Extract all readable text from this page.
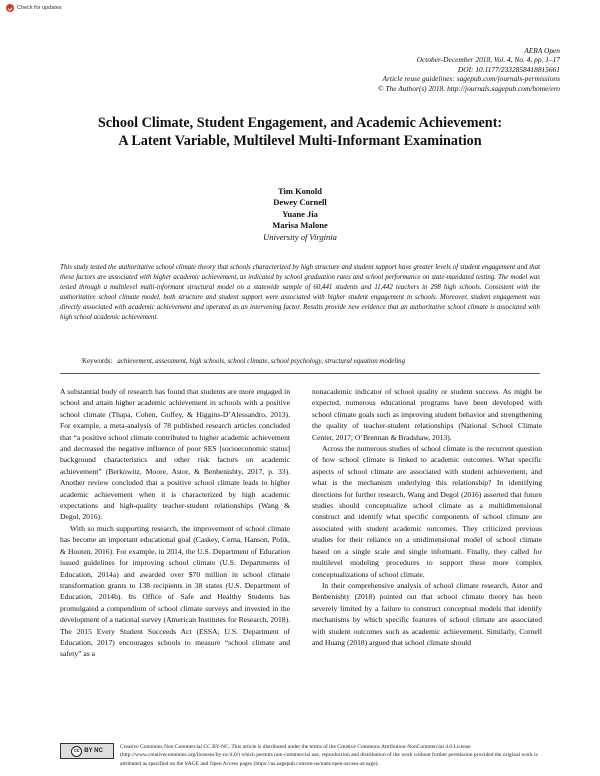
Check for updates
AERA Open
October-December 2018, Vol. 4, No. 4, pp. 1–17
DOI: 10.1177/2332858418815661
Article reuse guidelines: sagepub.com/journals-permissions
© The Author(s) 2018. http://journals.sagepub.com/home/ero
School Climate, Student Engagement, and Academic Achievement:
A Latent Variable, Multilevel Multi-Informant Examination
Tim Konold
Dewey Cornell
Yuane Jia
Marisa Malone
University of Virginia
This study tested the authoritative school climate theory that schools characterized by high structure and student support have greater levels of student engagement and that these factors are associated with higher academic achievement, as indicated by school graduation rates and school performance on state-mandated testing. The model was tested through a multilevel multi-informant structural model on a statewide sample of 60,441 students and 11,442 teachers in 298 high schools. Consistent with the authoritative school climate model, both structure and student support were associated with higher student engagement in schools. Moreover, student engagement was directly associated with academic achievement and operated as an intervening factor. Results provide new evidence that an authoritative school climate is associated with high school academic achievement.
Keywords: achievement, assessment, high schools, school climate, school psychology, structural equation modeling

A substantial body of research has found that students are more engaged in school and attain higher academic achievement in schools with a positive school climate (Thapa, Cohen, Guffey, & Higgins-D’Alessandro, 2013). For example, a meta-analysis of 78 published research articles concluded that “a positive school climate contributed to higher academic achievement and decreased the negative influence of poor SES [socioeconomic status] background characteristics and other risk factors on academic achievement” (Berkowitz, Moore, Astor, & Benbenishty, 2017, p. 33). Another review concluded that a positive school climate leads to higher academic achievement when it is characterized by high academic expectations and high-quality teacher-student relationships (Wang & Degol, 2016).

With so much supporting research, the improvement of school climate has become an important educational goal (Caskey, Cerna, Hanson, Polik, & Houten, 2016). For example, in 2014, the U.S. Department of Education issued guidelines for improving school climate (U.S. Departments of Education, 2014a) and awarded over $70 million in school climate transformation grants to 138 recipients in 38 states (U.S. Department of Education, 2014b). Its Office of Safe and Healthy Students has promulgated a compendium of school climate surveys and invested in the development of a national survey (American Institutes for Research, 2018). The 2015 Every Student Succeeds Act (ESSA; U.S. Department of Education, 2017) encourages schools to measure “school climate and safety” as a

nonacademic indicator of school quality or student success. As might be expected, numerous educational programs have been developed with school climate goals such as improving student behavior and strengthening the quality of teacher-student relationships (National School Climate Center, 2017; O’Brennan & Bradshaw, 2013).

Across the numerous studies of school climate is the recurrent question of how school climate is linked to academic outcomes. What specific aspects of school climate are associated with student achievement, and what is the mechanism underlying this relationship? In identifying directions for further research, Wang and Degol (2016) asserted that future studies should conceptualize school climate as a multidimensional construct and identify what specific components of school climate are associated with student academic outcomes. They criticized previous studies for their reliance on a unidimensional model of school climate based on a single scale and single informant. Finally, they called for multilevel modeling procedures to support these more complex conceptualizations of school climate.

In their comprehensive analysis of school climate research, Astor and Benbenishty (2018) pointed out that school climate theory has been severely limited by a failure to construct conceptual models that identify mechanisms by which specific features of school climate are associated with student outcomes such as academic achievement. Similarly, Cornell and Huang (2018) argued that school climate should

cc BY NC
Creative Commons Non Commercial CC BY-NC: This article is distributed under the terms of the Creative Commons Attribution-NonCommercial 4.0 License (http://www.creativecommons.org/licenses/by-nc/4.0/) which permits non-commercial use, reproduction and distribution of the work without further permission provided the original work is attributed as specified on the SAGE and Open Access pages (https://us.sagepub.com/en-us/nam/open-access-at-sage).
